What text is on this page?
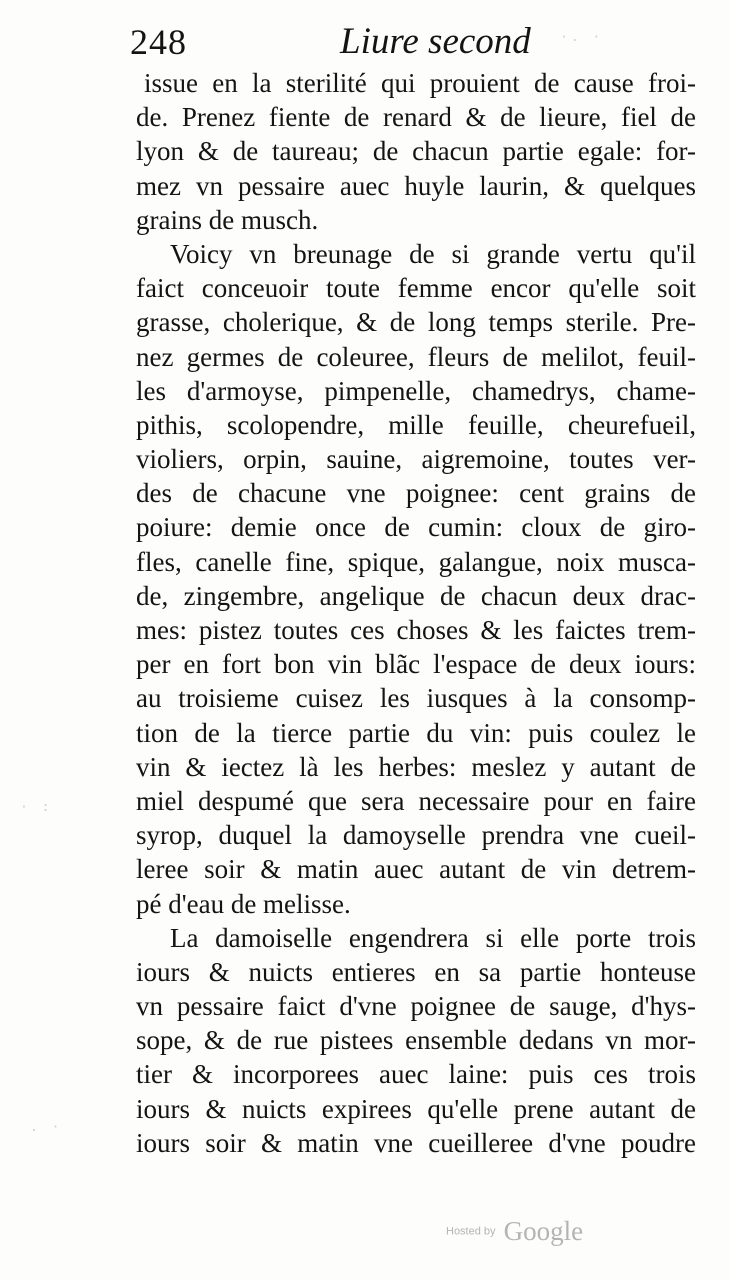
248	Liure second
issue en la sterilité qui prouient de cause froi-
de. Prenez fiente de renard & de lieure, fiel de
lyon & de taureau; de chacun partie egale: for-
mez vn pessaire auec huyle laurin, & quelques
grains de musch.
Voicy vn breunage de si grande vertu qu'il
faict conceuoir toute femme encor qu'elle soit
grasse, cholerique, & de long temps sterile. Pre-
nez germes de coleuree, fleurs de melilot, feuil-
les d'armoyse, pimpenelle, chamedrys, chame-
pithis, scolopendre, mille feuille, cheurefueil,
violiers, orpin, sauine, aigremoine, toutes ver-
des de chacune vne poignee: cent grains de
poiure: demie once de cumin: cloux de giro-
fles, canelle fine, spique, galangue, noix musca-
de, zingembre, angelique de chacun deux drac-
mes: pistez toutes ces choses & les faictes trem-
per en fort bon vin blãc l'espace de deux iours:
au troisieme cuisez les iusques à la consomp-
tion de la tierce partie du vin: puis coulez le
vin & iectez là les herbes: meslez y autant de
miel despumé que sera necessaire pour en faire
syrop, duquel la damoyselle prendra vne cueil-
leree soir & matin auec autant de vin detrem-
pé d'eau de melisse.
La damoiselle engendrera si elle porte trois
iours & nuicts entieres en sa partie honteuse
vn pessaire faict d'vne poignee de sauge, d'hys-
sope, & de rue pistees ensemble dedans vn mor-
tier & incorporees auec laine: puis ces trois
iours & nuicts expirees qu'elle prene autant de
iours soir & matin vne cueilleree d'vne poudre
· :
. ·
·. ·
Hosted by Google
